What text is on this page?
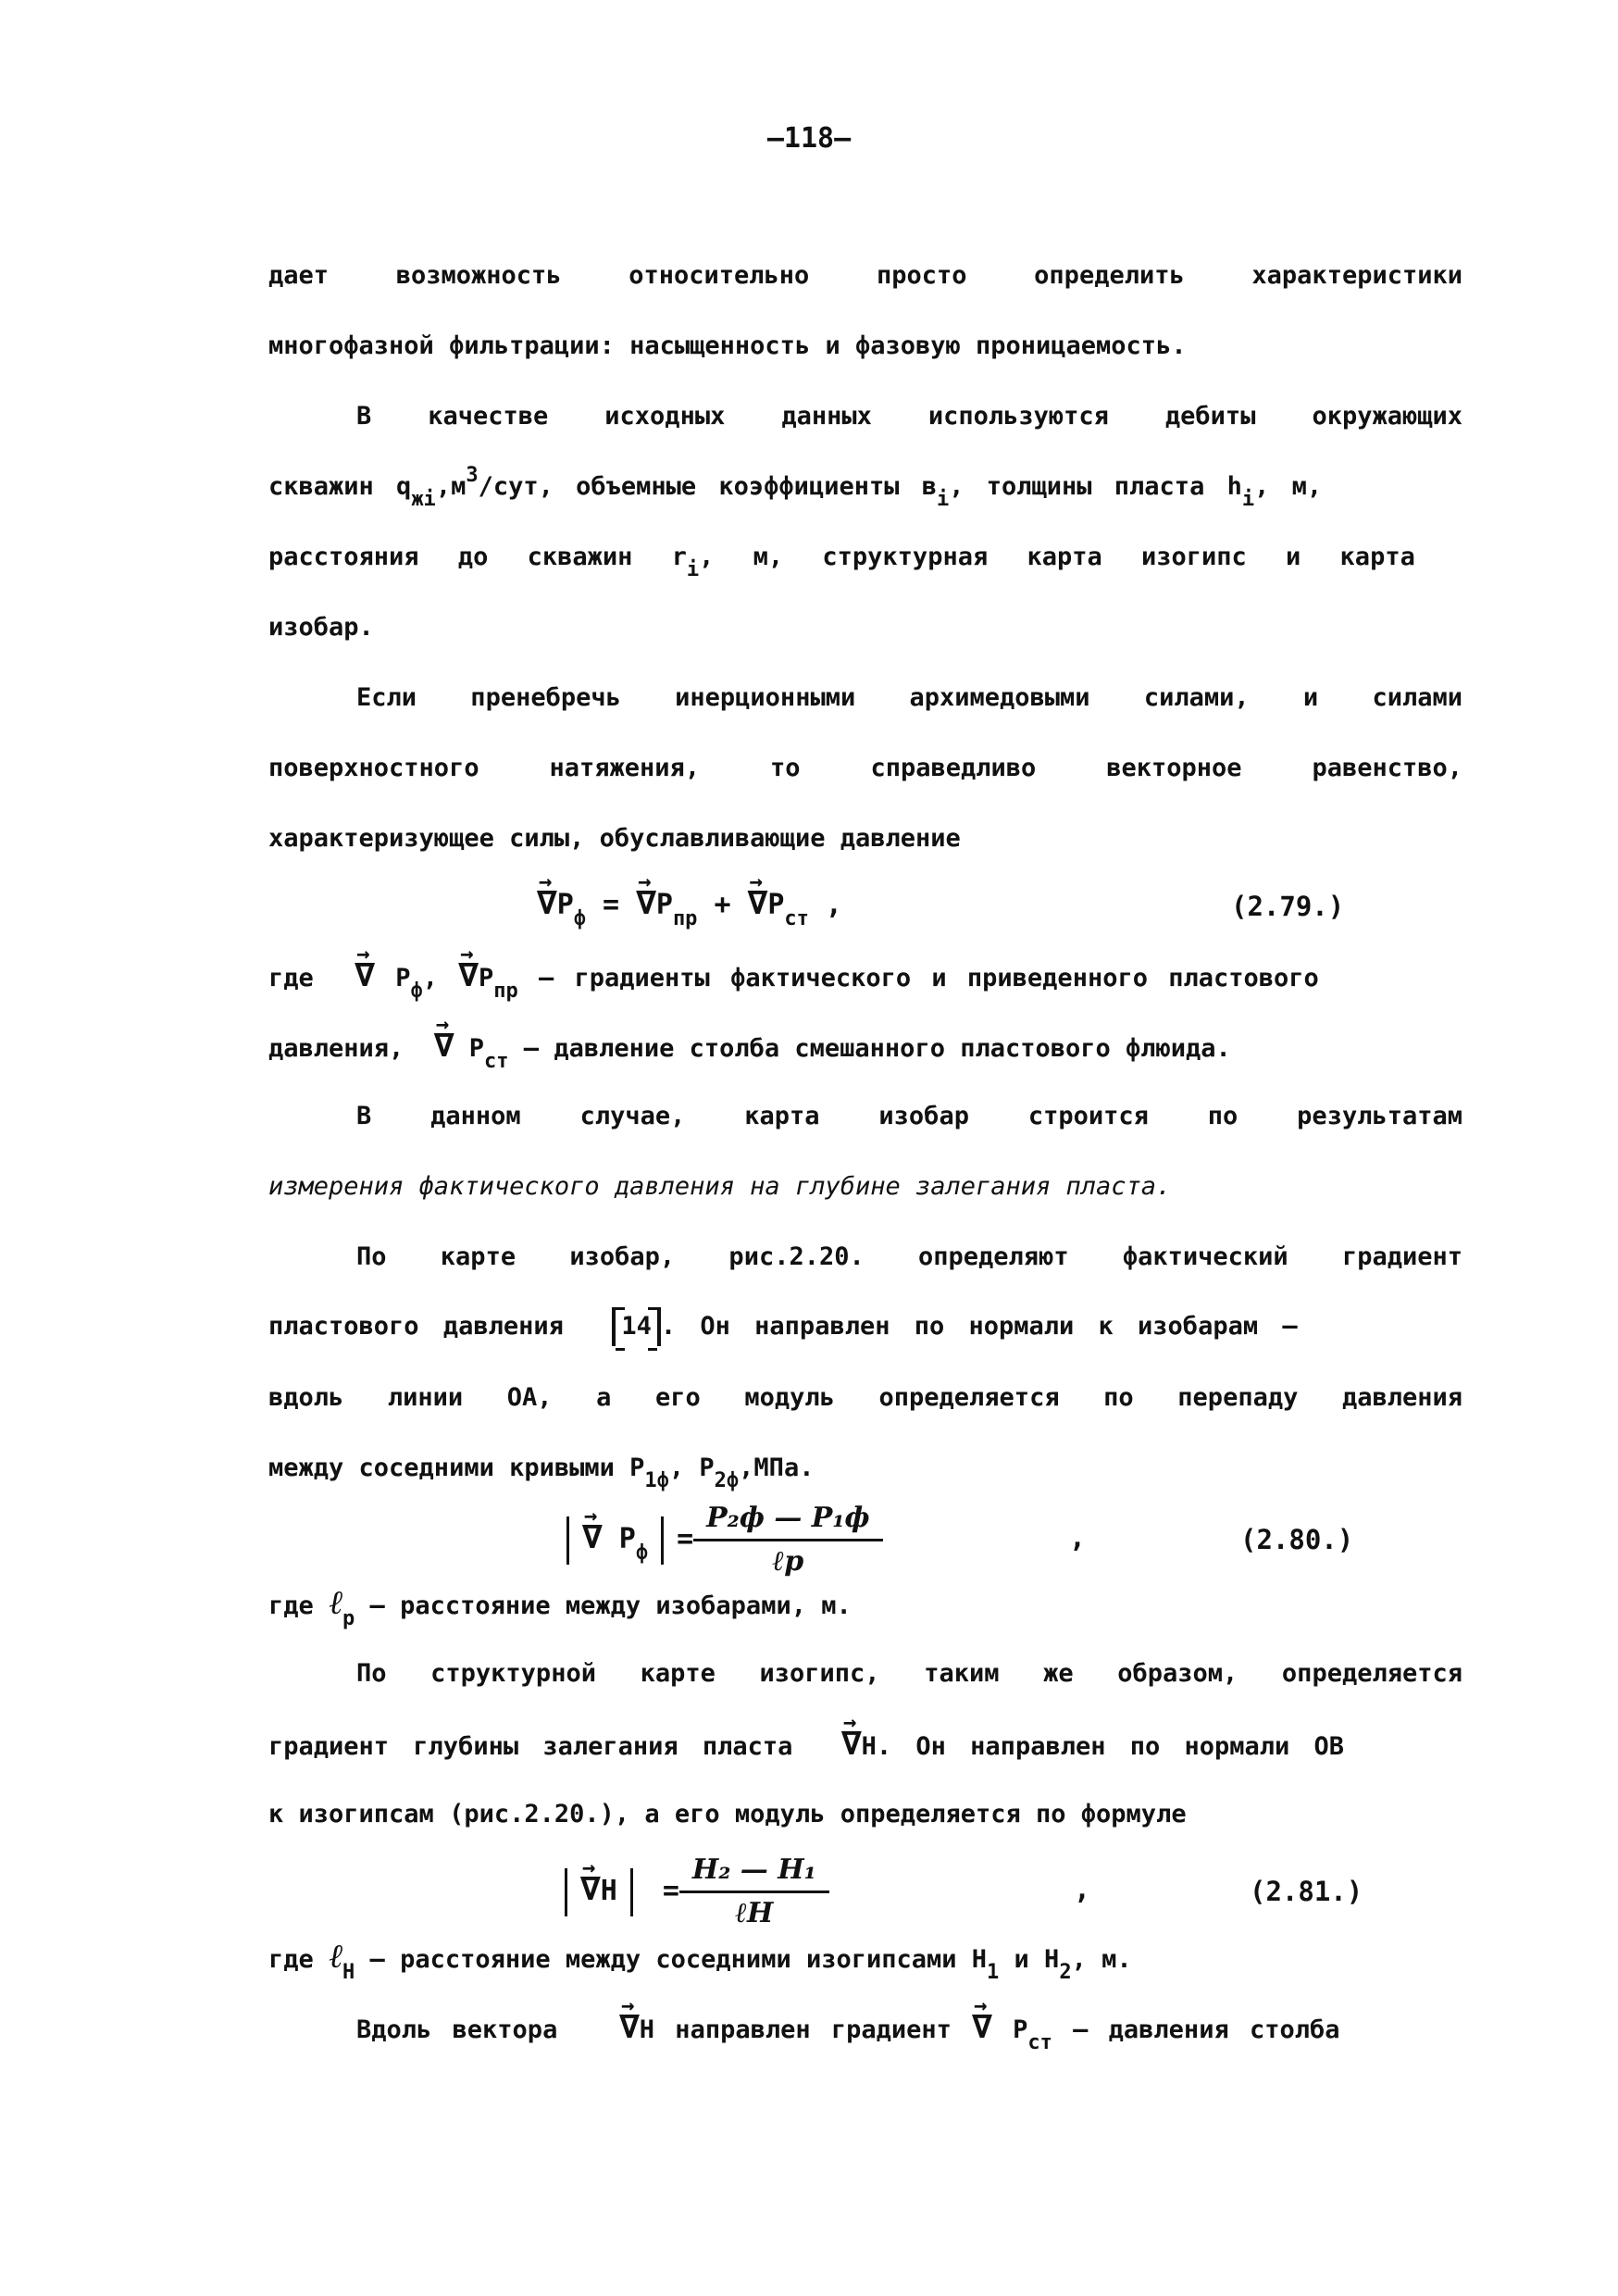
—118—
дает возможность относительно просто определить характеристики
многофазной фильтрации: насыщенность и фазовую проницаемость.
В качестве исходных данных используются дебиты окружающих
скважин $q_{жi},м^3$/сут, объемные коэффициенты $в_i$, толщины пласта $h_i$, м,
расстояния до скважин $r_i$, м, структурная карта изогипс и карта
изобар.
Если пренебречь инерционными архимедовыми силами, и силами
поверхностного натяжения, то справедливо векторное равенство,
характеризующее силы, обуславливающие давление
→ $\nabla P_ф$ = → $\nabla P_{пр}$ + → $\nabla P_{ст}$ ,	(2.79.)
где → ∇ $P_ф$, → $\nabla P_{пр}$ – градиенты фактического и приведенного пластового
давления, → ∇ $P_{ст}$ – давление столба смешанного пластового флюида.
В данном случае, карта изобар строится по результатам
измерения фактического давления на глубине залегания пласта.
По карте изобар, рис.2.20. определяют фактический градиент
пластового давления 14 . Он направлен по нормали к изобарам –
вдоль линии ОА, а его модуль определяется по перепаду давления
между соседними кривыми $P_{1ф}$, $P_{2ф},МПа$.
→ ∇ $P_ф = \frac{\text{P₂ф — P₁ф}}{\text{ℓp}}$	,	(2.80.)
где ℓ$_p$ – расстояние между изобарами, м.
По структурной карте изогипс, таким же образом, определяется
градиент глубины залегания пласта → ∇H. Он направлен по нормали ОВ
к изогипсам (рис.2.20.), а его модуль определяется по формуле
→ $\nabla H = \frac{\text{H₂ — H₁}}{\text{ℓH}}$	,	(2.81.)
где ℓ$_H$ – расстояние между соседними изогипсами $H_1$ и $H_2$, м.
Вдоль вектора → ∇H направлен градиент → ∇ $P_{ст}$ – давления столба
